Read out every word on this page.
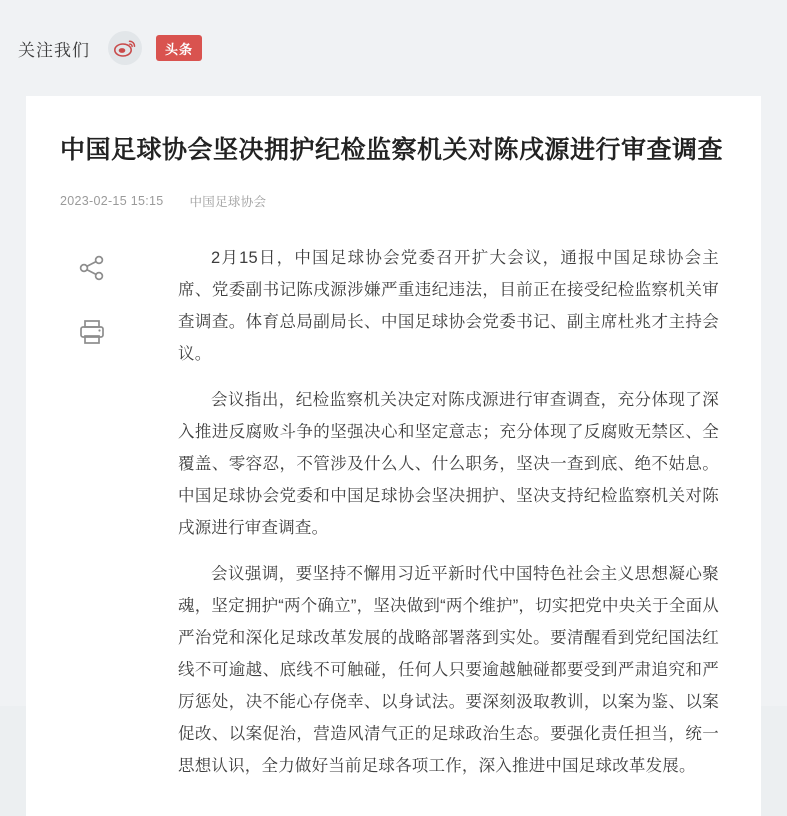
关注我们	头条
中国足球协会坚决拥护纪检监察机关对陈戌源进行审查调查
2023-02-15 15:15 中国足球协会

2月15日，中国足球协会党委召开扩大会议，通报中国足球协会主席、党委副书记陈戌源涉嫌严重违纪违法，目前正在接受纪检监察机关审查调查。体育总局副局长、中国足球协会党委书记、副主席杜兆才主持会议。

会议指出，纪检监察机关决定对陈戌源进行审查调查，充分体现了深入推进反腐败斗争的坚强决心和坚定意志；充分体现了反腐败无禁区、全覆盖、零容忍，不管涉及什么人、什么职务，坚决一查到底、绝不姑息。中国足球协会党委和中国足球协会坚决拥护、坚决支持纪检监察机关对陈戌源进行审查调查。

会议强调，要坚持不懈用习近平新时代中国特色社会主义思想凝心聚魂，坚定拥护“两个确立”，坚决做到“两个维护”，切实把党中央关于全面从严治党和深化足球改革发展的战略部署落到实处。要清醒看到党纪国法红线不可逾越、底线不可触碰，任何人只要逾越触碰都要受到严肃追究和严厉惩处，决不能心存侥幸、以身试法。要深刻汲取教训，以案为鉴、以案促改、以案促治，营造风清气正的足球政治生态。要强化责任担当，统一思想认识，全力做好当前足球各项工作，深入推进中国足球改革发展。
